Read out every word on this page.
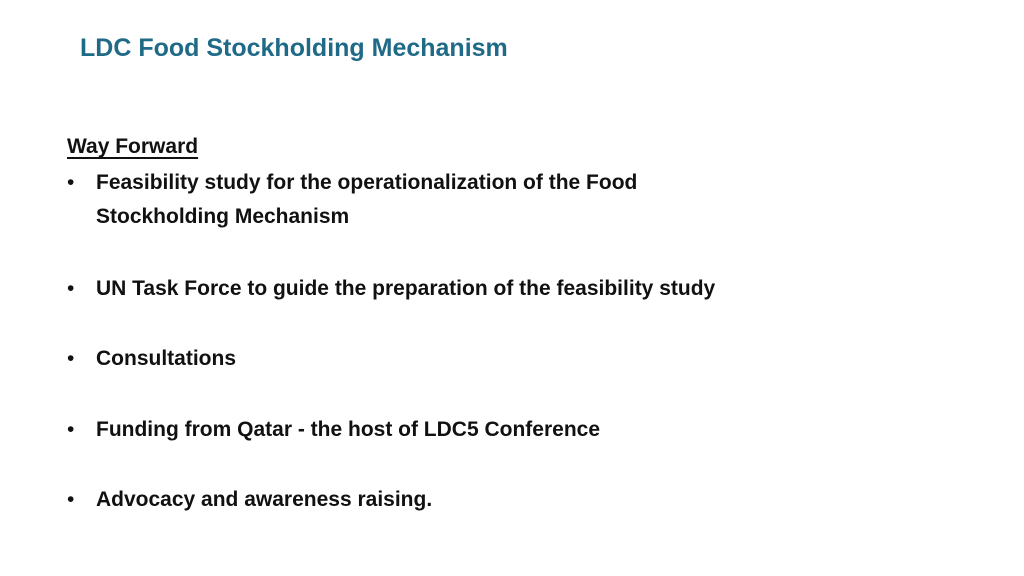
LDC Food Stockholding Mechanism
Way Forward
•	Feasibility study for the operationalization of the Food Stockholding Mechanism
•	UN Task Force to guide the preparation of the feasibility study
•	Consultations
•	Funding from Qatar - the host of LDC5 Conference
•	Advocacy and awareness raising.
